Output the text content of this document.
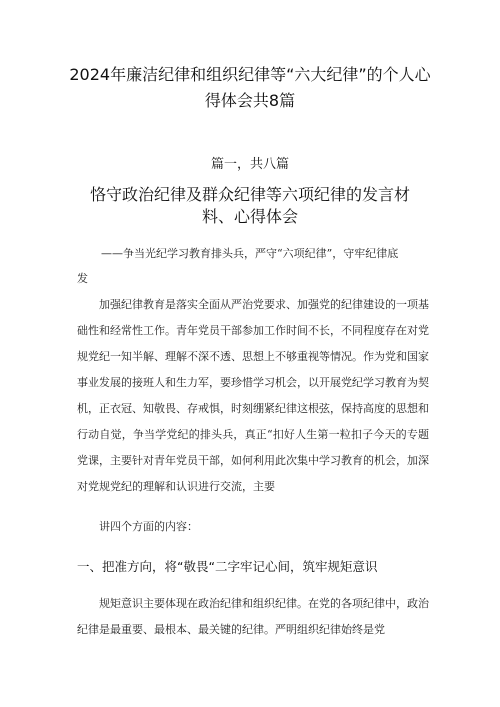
2024年廉洁纪律和组织纪律等“六大纪律”的个人心
得体会共8篇
篇一，共八篇
恪守政治纪律及群众纪律等六项纪律的发言材
料、心得体会
——争当光纪学习教育排头兵，严守“六项纪律”，守牢纪律底
发
加强纪律教育是落实全面从严治党要求、加强党的纪律建设的一项基础性和经常性工作。青年党员干部参加工作时间不长，不同程度存在对党规党纪一知半解、理解不深不透、思想上不够重视等情况。作为党和国家事业发展的接班人和生力军，要珍惜学习机会，以开展党纪学习教育为契机，正衣冠、知敬畏、存戒惧，时刻绷紧纪律这根弦，保持高度的思想和行动自觉，争当学党纪的排头兵，真正“扣好人生第一粒扣子今天的专题党课，主要针对青年党员干部，如何利用此次集中学习教育的机会，加深对党规党纪的理解和认识进行交流，主要
讲四个方面的内容：
一、把准方向，将“敬畏“二字牢记心间，筑牢规矩意识
规矩意识主要体现在政治纪律和组织纪律。在党的各项纪律中，政治纪律是最重要、最根本、最关键的纪律。严明组织纪律始终是党
